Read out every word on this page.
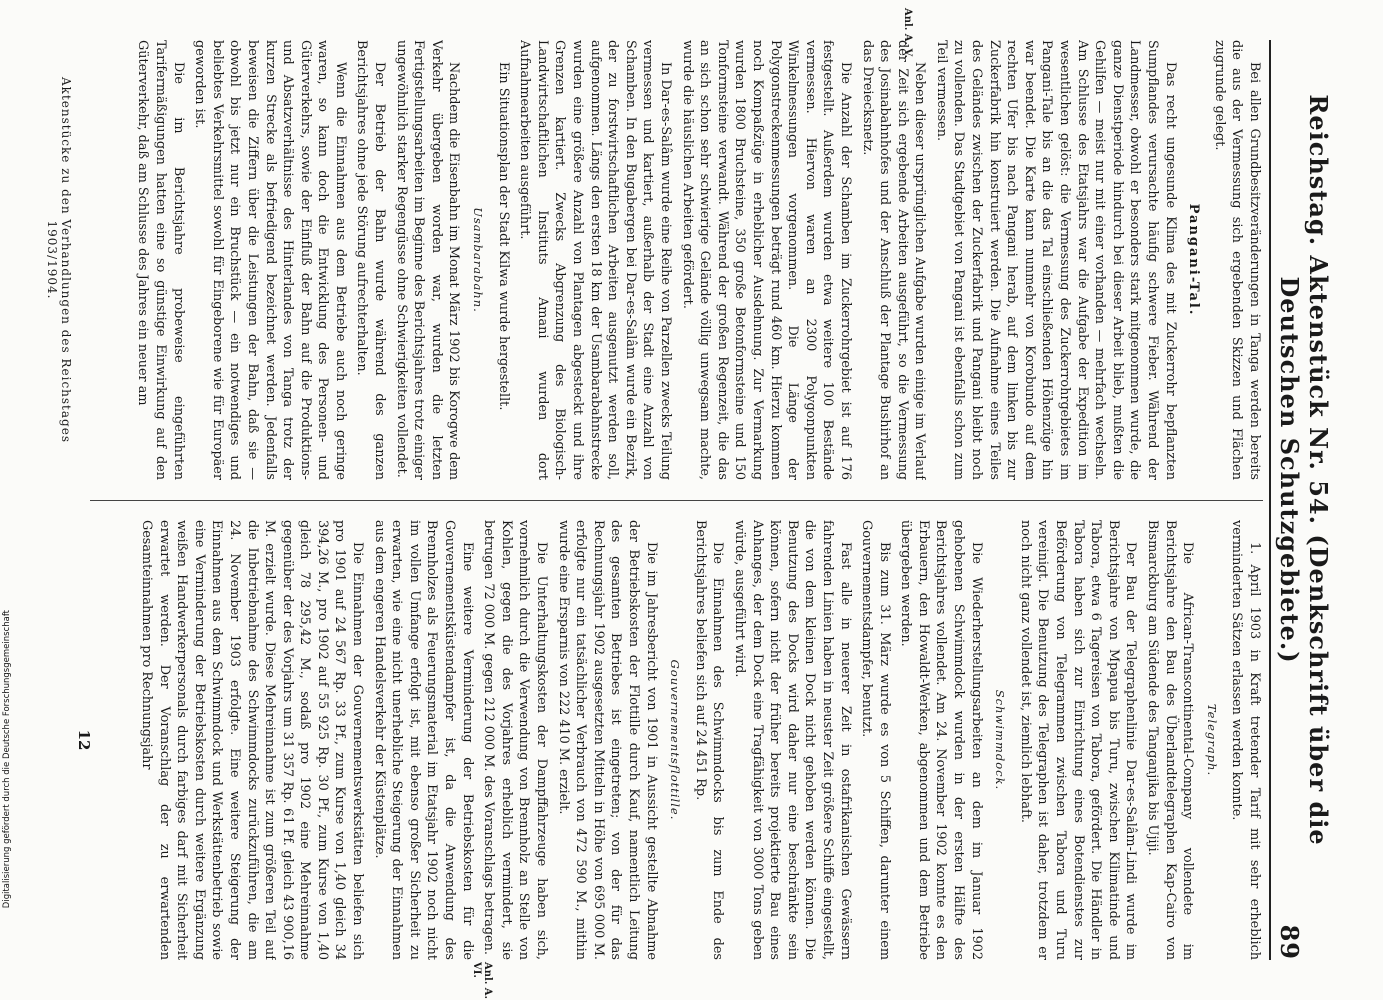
Reichstag. Aktenstück Nr. 54. (Denkschrift über die Deutschen Schutzgebiete.)
89

Bei allen Grundbesitzveränderungen in Tanga werden bereits die aus der Vermessung sich ergebenden Skizzen und Flächen zugrunde gelegt.

Pangani-Tal.

Das recht ungesunde Klima des mit Zuckerrohr bepflanzten Sumpflandes verursachte häufig schwere Fieber. Während der Landmesser, obwohl er besonders stark mitgenommen wurde, die ganze Dienstperiode hindurch bei dieser Arbeit blieb, mußten die Gehilfen — meist nur mit einer vorhanden — mehrfach wechseln. Am Schlusse des Etatsjahrs war die Aufgabe der Expedition im wesentlichen gelöst: die Vermessung des Zuckerrohrgebietes im Pangani-Tale bis an die das Tal einschließenden Höhenzüge hin war beendet. Die Karte kann nunmehr von Korobundo auf dem rechten Ufer bis nach Pangani herab, auf dem linken bis zur Zuckerfabrik hin konstruiert werden. Die Aufnahme eines Teiles des Geländes zwischen der Zuckerfabrik und Pangani bleibt noch zu vollenden. Das Stadtgebiet von Pangani ist ebenfalls schon zum Teil vermessen.

Neben dieser ursprünglichen Aufgabe wurden einige im Verlauf der Zeit sich ergebende Arbeiten ausgeführt, so die Vermessung des Josinabahnhofes und der Anschluß der Plantage Bushirhof an das Dreiecksnetz.

Die Anzahl der Schamben im Zuckerrohrgebiet ist auf 176 festgestellt. Außerdem wurden etwa weitere 100 Bestände vermessen. Hiervon waren an 2300 Polygonpunkten Winkelmessungen vorgenommen. Die Länge der Polygonstreckenmessungen beträgt rund 460 km. Hierzu kommen noch Kompaßzüge in erheblicher Ausdehnung. Zur Vermarkung wurden 1800 Bruchsteine, 350 große Betonformsteine und 150 Tonformsteine verwandt. Während der großen Regenzeit, die das an sich schon sehr schwierige Gelände völlig unwegsam machte, wurde die häuslichen Arbeiten gefördert.

In Dar-es-Salâm wurde eine Reihe von Parzellen zwecks Teilung vermessen und kartiert, außerhalb der Stadt eine Anzahl von Schamben. In den Bugabergen bei Dar-es-Salâm wurde ein Bezirk, der zu forstwirtschaftlichen Arbeiten ausgenutzt werden soll, aufgenommen. Längs den ersten 18 km der Usambarabahnstrecke wurden eine größere Anzahl von Plantagen abgesteckt und ihre Grenzen kartiert. Zwecks Abgrenzung des Biologisch-Landwirtschaftlichen Instituts Amani wurden dort Aufnahmearbeiten ausgeführt.

Ein Situationsplan der Stadt Kilwa wurde hergestellt.

Usambarabahn.

Nachdem die Eisenbahn im Monat März 1902 bis Korogwe dem Verkehr übergeben worden war, wurden die letzten Fertigstellungsarbeiten im Beginne des Berichtsjahres trotz einiger ungewöhnlich starker Regengüsse ohne Schwierigkeiten vollendet.

Der Betrieb der Bahn wurde während des ganzen Berichtsjahres ohne jede Störung aufrechterhalten.

Wenn die Einnahmen aus dem Betriebe auch noch geringe waren, so kann doch die Entwicklung des Personen- und Güterverkehrs, sowie der Einfluß der Bahn auf die Produktions- und Absatzverhältnisse des Hinterlandes von Tanga trotz der kurzen Strecke als befriedigend bezeichnet werden. Jedenfalls beweisen die Ziffern über die Leistungen der Bahn, daß sie — obwohl bis jetzt nur ein Bruchstück — ein notwendiges und beliebtes Verkehrsmittel sowohl für Eingeborene wie für Europäer geworden ist.

Die im Berichtsjahre probeweise eingeführten Tarifermäßigungen hatten eine so günstige Einwirkung auf den Güterverkehr, daß am Schlusse des Jahres ein neuer am

1. April 1903 in Kraft tretender Tarif mit sehr erheblich verminderten Sätzen erlassen werden konnte.

Telegraph.

Die African-Transcontinental-Company vollendete im Berichtsjahre den Bau des Überlandtelegraphen Kap-Cairo von Bismarckburg am Südende des Tanganjika bis Ujiji.

Der Bau der Telegraphenlinie Dar-es-Salâm-Lindi wurde im Berichtsjahre von Mpapua bis Turu, zwischen Kilimatinde und Tabora, etwa 6 Tagereisen von Tabora, gefördert. Die Händler in Tabora haben sich zur Einrichtung eines Botendienstes zur Beförderung von Telegrammen zwischen Tabora und Turu vereinigt. Die Benutzung des Telegraphen ist daher, trotzdem er noch nicht ganz vollendet ist, ziemlich lebhaft.

Schwimmdock.

Die Wiederherstellungsarbeiten an dem im Januar 1902 gehobenen Schwimmdock wurden in der ersten Hälfte des Berichtsjahres vollendet. Am 24. November 1902 konnte es den Erbauern, den Howaldt-Werken, abgenommen und dem Betriebe übergeben werden.

Bis zum 31. März wurde es von 5 Schiffen, darunter einem Gouvernementsdampfer, benutzt.

Fast alle in neuerer Zeit in ostafrikanischen Gewässern fahrenden Linien haben in neuster Zeit größere Schiffe eingestellt, die von dem kleinen Dock nicht gehoben werden können. Die Benutzung des Docks wird daher nur eine beschränkte sein können, sofern nicht der früher bereits projektierte Bau eines Anhanges, der dem Dock eine Tragfähigkeit von 3000 Tons geben würde, ausgeführt wird.

Die Einnahmen des Schwimmdocks bis zum Ende des Berichtsjahres beliefen sich auf 24 451 Rp.

Gouvernementsflottille.

Die im Jahresbericht von 1901 in Aussicht gestellte Abnahme der Betriebskosten der Flottille durch Kauf, namentlich Leitung des gesamten Betriebes ist eingetreten; von der für das Rechnungsjahr 1902 ausgesetzten Mitteln in Höhe von 695 000 M. erfolgte nur ein tatsächlicher Verbrauch von 472 590 M., mithin wurde eine Ersparnis von 222 410 M. erzielt.

Die Unterhaltungskosten der Dampffahrzeuge haben sich, vornehmlich durch die Verwendung von Brennholz an Stelle von Kohlen, gegen die des Vorjahres erheblich vermindert, sie betrugen 72 000 M. gegen 212 000 M. des Voranschlags betragen.

Eine weitere Verminderung der Betriebskosten für die Gouvernementsküstendampfer ist, da die Anwendung des Brennholzes als Feuerungsmaterial im Etatsjahr 1902 noch nicht im vollen Umfange erfolgt ist, mit ebenso großer Sicherheit zu erwarten, wie eine nicht unerhebliche Steigerung der Einnahmen aus dem engeren Handelsverkehr der Küstenplätze.

Die Einnahmen der Gouvernementswerkstätten beliefen sich pro 1901 auf 24 567 Rp. 33 Pf., zum Kurse von 1,40 gleich 34 394,26 M., pro 1902 auf 55 925 Rp. 30 Pf., zum Kurse von 1,40 gleich 78 295,42 M., sodaß pro 1902 eine Mehreinnahme gegenüber der des Vorjahrs um 31 357 Rp. 61 Pf. gleich 43 900,16 M. erzielt wurde. Diese Mehreinnahme ist zum größeren Teil auf die Inbetriebnahme des Schwimmdocks zurückzuführen, die am 24. November 1903 erfolgte. Eine weitere Steigerung der Einnahmen aus dem Schwimmdock und Werkstättenbetrieb sowie eine Verminderung der Betriebskosten durch weitere Ergänzung weißen Handwerkerpersonals durch farbiges darf mit Sicherheit erwartet werden. Der Voranschlag der zu erwartenden Gesamteinnahmen pro Rechnungsjahr

Aktenstücke zu den Verhandlungen des Reichstages 1903/1904.
12
Anl. A. V.
Anl. A. VI.
Digitalisierung gefördert durch die Deutsche Forschungsgemeinschaft
